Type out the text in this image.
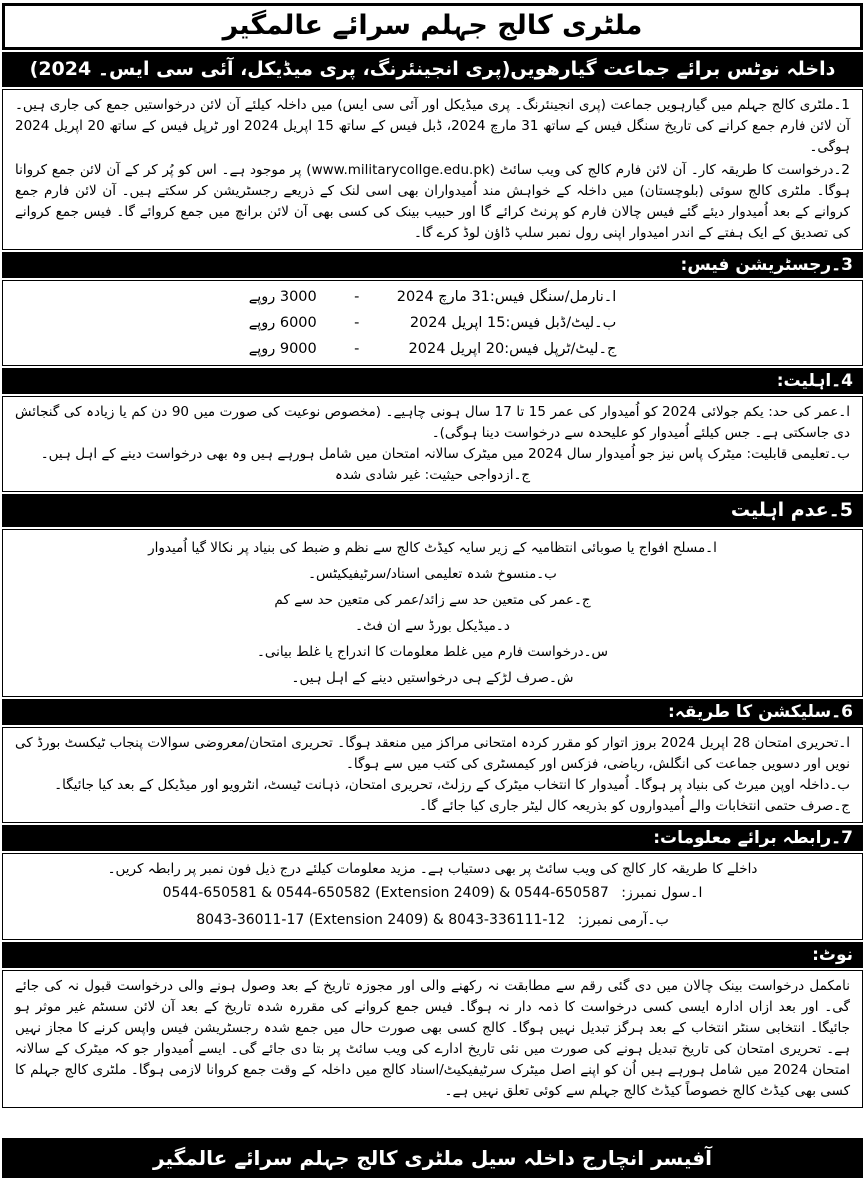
ملٹری کالج جہلم سرائے عالمگیر
داخلہ نوٹس برائے جماعت گیارھویں(پری انجینئرنگ، پری میڈیکل، آئی سی ایس۔ 2024)

1۔ملٹری کالج جہلم میں گیارہویں جماعت (پری انجینئرنگ۔ پری میڈیکل اور آئی سی ایس) میں داخلہ کیلئے آن لائن درخواستیں جمع کی جاری ہیں۔ آن لائن فارم جمع کرانے کی تاریخ سنگل فیس کے ساتھ 31 مارچ 2024، ڈبل فیس کے ساتھ 15 اپریل 2024 اور ٹرپل فیس کے ساتھ 20 اپریل 2024 ہوگی۔

2۔درخواست کا طریقہ کار۔ آن لائن فارم کالج کی ویب سائٹ (www.militarycollge.edu.pk) پر موجود ہے۔ اس کو پُر کر کے آن لائن جمع کروانا ہوگا۔ ملٹری کالج سوئی (بلوچستان) میں داخلہ کے خواہش مند اُمیدواران بھی اسی لنک کے ذریعے رجسٹریشن کر سکتے ہیں۔ آن لائن فارم جمع کروانے کے بعد اُمیدوار دیئے گئے فیس چالان فارم کو پرنٹ کرائے گا اور حبیب بینک کی کسی بھی آن لائن برانچ میں جمع کروائے گا۔ فیس جمع کروانے کی تصدیق کے ایک ہفتے کے اندر امیدوار اپنی رول نمبر سلپ ڈاؤن لوڈ کرے گا۔

3۔رجسٹریشن فیس:
ا۔نارمل/سنگل فیس:31 مارچ 2024
-
3000 روپے
ب۔لیٹ/ڈبل فیس:15 اپریل 2024
-
6000 روپے
ج۔لیٹ/ٹرپل فیس:20 اپریل 2024
-
9000 روپے
4۔اہلیت:

ا۔عمر کی حد: یکم جولائی 2024 کو اُمیدوار کی عمر 15 تا 17 سال ہونی چاہیے۔ (مخصوص نوعیت کی صورت میں 90 دن کم یا زیادہ کی گنجائش دی جاسکتی ہے۔ جس کیلئے اُمیدوار کو علیحدہ سے درخواست دینا ہوگی)۔

ب۔تعلیمی قابلیت: میٹرک پاس نیز جو اُمیدوار سال 2024 میں میٹرک سالانہ امتحان میں شامل ہورہے ہیں وہ بھی درخواست دینے کے اہل ہیں۔

ج۔ازدواجی حیثیت: غیر شادی شدہ

5۔عدم اہلیت

ا۔مسلح افواج یا صوبائی انتظامیہ کے زیر سایہ کیڈٹ کالج سے نظم و ضبط کی بنیاد پر نکالا گیا اُمیدوار

ب۔منسوخ شدہ تعلیمی اسناد/سرٹیفیکیٹس۔

ج۔عمر کی متعین حد سے زائد/عمر کی متعین حد سے کم

د۔میڈیکل بورڈ سے ان فٹ۔

س۔درخواست فارم میں غلط معلومات کا اندراج یا غلط بیانی۔

ش۔صرف لڑکے ہی درخواستیں دینے کے اہل ہیں۔

6۔سلیکشن کا طریقہ:

ا۔تحریری امتحان 28 اپریل 2024 بروز اتوار کو مقرر کردہ امتحانی مراکز میں منعقد ہوگا۔ تحریری امتحان/معروضی سوالات پنجاب ٹیکسٹ بورڈ کی نویں اور دسویں جماعت کی انگلش، ریاضی، فزکس اور کیمسٹری کی کتب میں سے ہوگا۔

ب۔داخلہ اوپن میرٹ کی بنیاد پر ہوگا۔ اُمیدوار کا انتخاب میٹرک کے رزلٹ، تحریری امتحان، ذہانت ٹیسٹ، انٹرویو اور میڈیکل کے بعد کیا جائیگا۔

ج۔صرف حتمی انتخابات والے اُمیدواروں کو بذریعہ کال لیٹر جاری کیا جائے گا۔

7۔رابطہ برائے معلومات:

داخلے کا طریقہ کار کالج کی ویب سائٹ پر بھی دستیاب ہے۔ مزید معلومات کیلئے درج ذیل فون نمبر پر رابطہ کریں۔

ا۔سول نمبرز: 0544-650581 & 0544-650582 (Extension 2409) & 0544-650587
ب۔آرمی نمبرز: 8043-36011-17 (Extension 2409) & 8043-336111-12
نوٹ:

نامکمل درخواست بینک چالان میں دی گئی رقم سے مطابقت نہ رکھنے والی اور مجوزہ تاریخ کے بعد وصول ہونے والی درخواست قبول نہ کی جائے گی۔ اور بعد ازاں ادارہ ایسی کسی درخواست کا ذمہ دار نہ ہوگا۔ فیس جمع کروانے کی مقررہ شدہ تاریخ کے بعد آن لائن سسٹم غیر موثر ہو جائیگا۔ انتخابی سنٹر انتخاب کے بعد ہرگز تبدیل نہیں ہوگا۔ کالج کسی بھی صورت حال میں جمع شدہ رجسٹریشن فیس واپس کرنے کا مجاز نہیں ہے۔ تحریری امتحان کی تاریخ تبدیل ہونے کی صورت میں نئی تاریخ ادارے کی ویب سائٹ پر بتا دی جائے گی۔ ایسے اُمیدوار جو کہ میٹرک کے سالانہ امتحان 2024 میں شامل ہورہے ہیں اُن کو اپنے اصل میٹرک سرٹیفیکیٹ/اسناد کالج میں داخلہ کے وقت جمع کروانا لازمی ہوگا۔ ملٹری کالج جہلم کا کسی بھی کیڈٹ کالج خصوصاً کیڈٹ کالج جہلم سے کوئی تعلق نہیں ہے۔

آفیسر انچارج داخلہ سیل ملٹری کالج جہلم سرائے عالمگیر
